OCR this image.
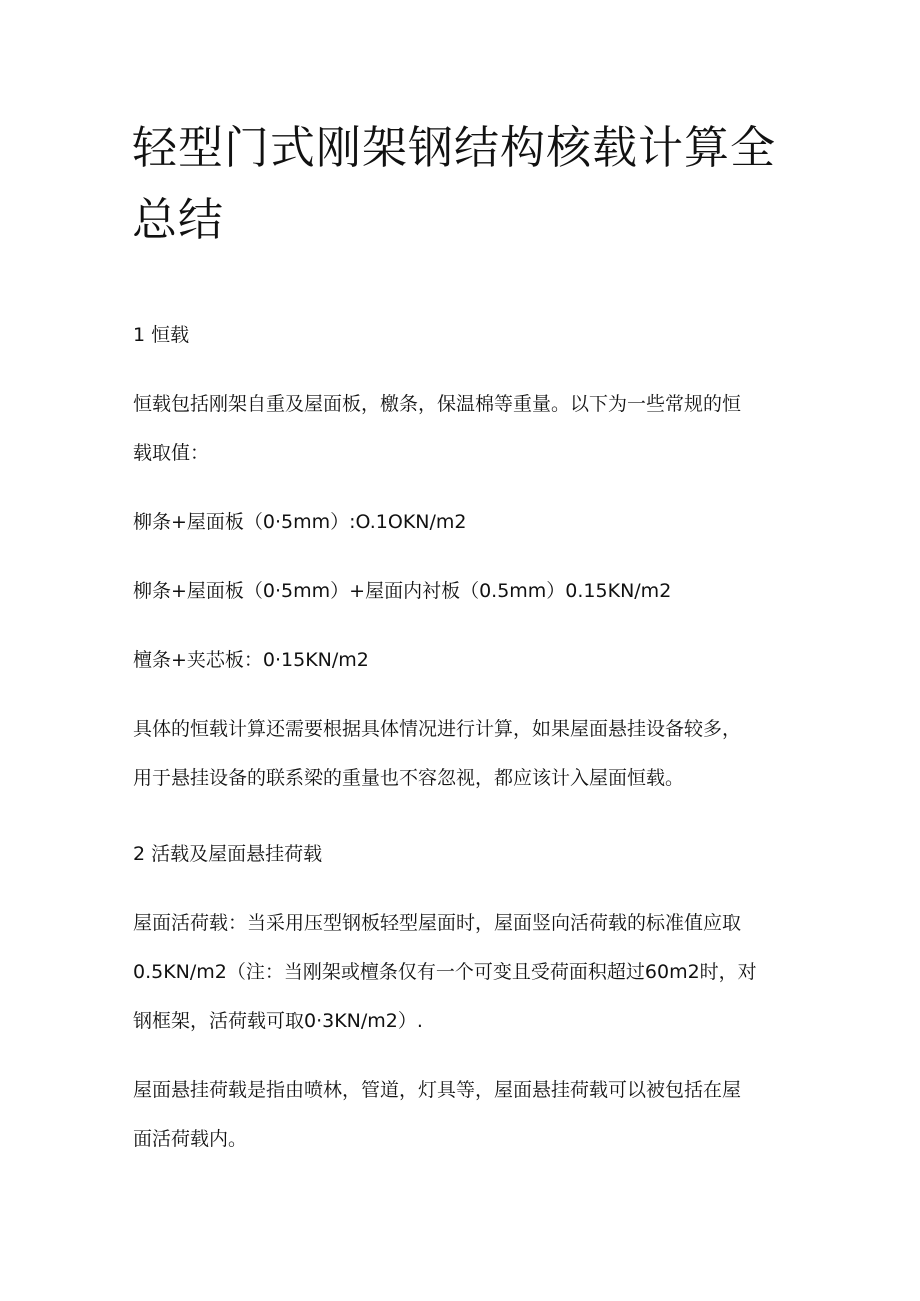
轻型门式刚架钢结构核载计算全总结

1 恒载

恒载包括刚架自重及屋面板，檄条，保温棉等重量。以下为一些常规的恒

载取值：

柳条+屋面板（0·5mm）:O.1OKN/m2

柳条+屋面板（0·5mm）+屋面内衬板（0.5mm）0.15KN/m2

檀条+夹芯板：0·15KN/m2

具体的恒载计算还需要根据具体情况进行计算，如果屋面悬挂设备较多，

用于悬挂设备的联系梁的重量也不容忽视，都应该计入屋面恒载。

2 活载及屋面悬挂荷载

屋面活荷载：当采用压型钢板轻型屋面时，屋面竖向活荷载的标准值应取

0.5KN/m2（注：当刚架或檀条仅有一个可变且受荷面积超过60m2时，对

钢框架，活荷载可取0·3KN/m2）.

屋面悬挂荷载是指由喷林，管道，灯具等，屋面悬挂荷载可以被包括在屋

面活荷载内。
